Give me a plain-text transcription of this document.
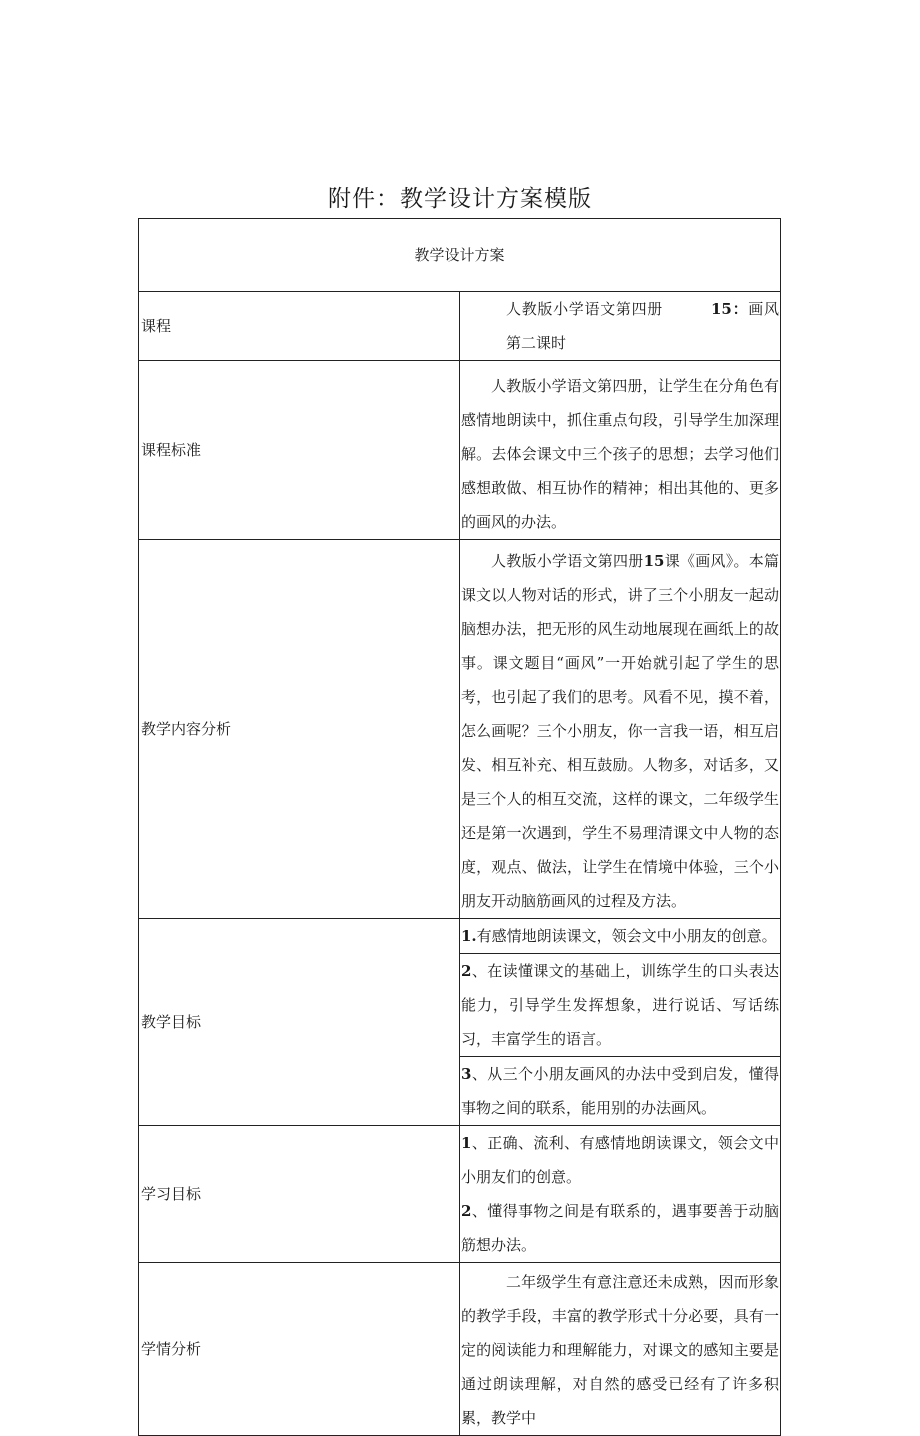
附件：教学设计方案模版
教学设计方案	
课程	人教版小学语文第四册 15：画风第二课时
课程标准	人教版小学语文第四册，让学生在分角色有感情地朗读中，抓住重点句段，引导学生加深理解。去体会课文中三个孩子的思想；去学习他们感想敢做、相互协作的精神；相出其他的、更多的画风的办法。

教学内容分析	人教版小学语文第四册15课《画风》。本篇课文以人物对话的形式，讲了三个小朋友一起动脑想办法，把无形的风生动地展现在画纸上的故事。课文题目“画风”一开始就引起了学生的思考，也引起了我们的思考。风看不见，摸不着，怎么画呢？三个小朋友，你一言我一语，相互启发、相互补充、相互鼓励。人物多，对话多，又是三个人的相互交流，这样的课文，二年级学生还是第一次遇到，学生不易理清课文中人物的态度，观点、做法，让学生在情境中体验，三个小朋友开动脑筋画风的过程及方法。

教学目标	1.有感情地朗读课文，领会文中小朋友的创意。
	2、在读懂课文的基础上，训练学生的口头表达能力，引导学生发挥想象，进行说话、写话练习，丰富学生的语言。
	3、从三个小朋友画风的办法中受到启发，懂得事物之间的联系，能用别的办法画风。
学习目标	1、正确、流利、有感情地朗读课文，领会文中小朋友们的创意。
2、懂得事物之间是有联系的，遇事要善于动脑筋想办法。

学情分析	二年级学生有意注意还未成熟，因而形象的教学手段，丰富的教学形式十分必要，具有一定的阅读能力和理解能力，对课文的感知主要是通过朗读理解，对自然的感受已经有了许多积累，教学中
